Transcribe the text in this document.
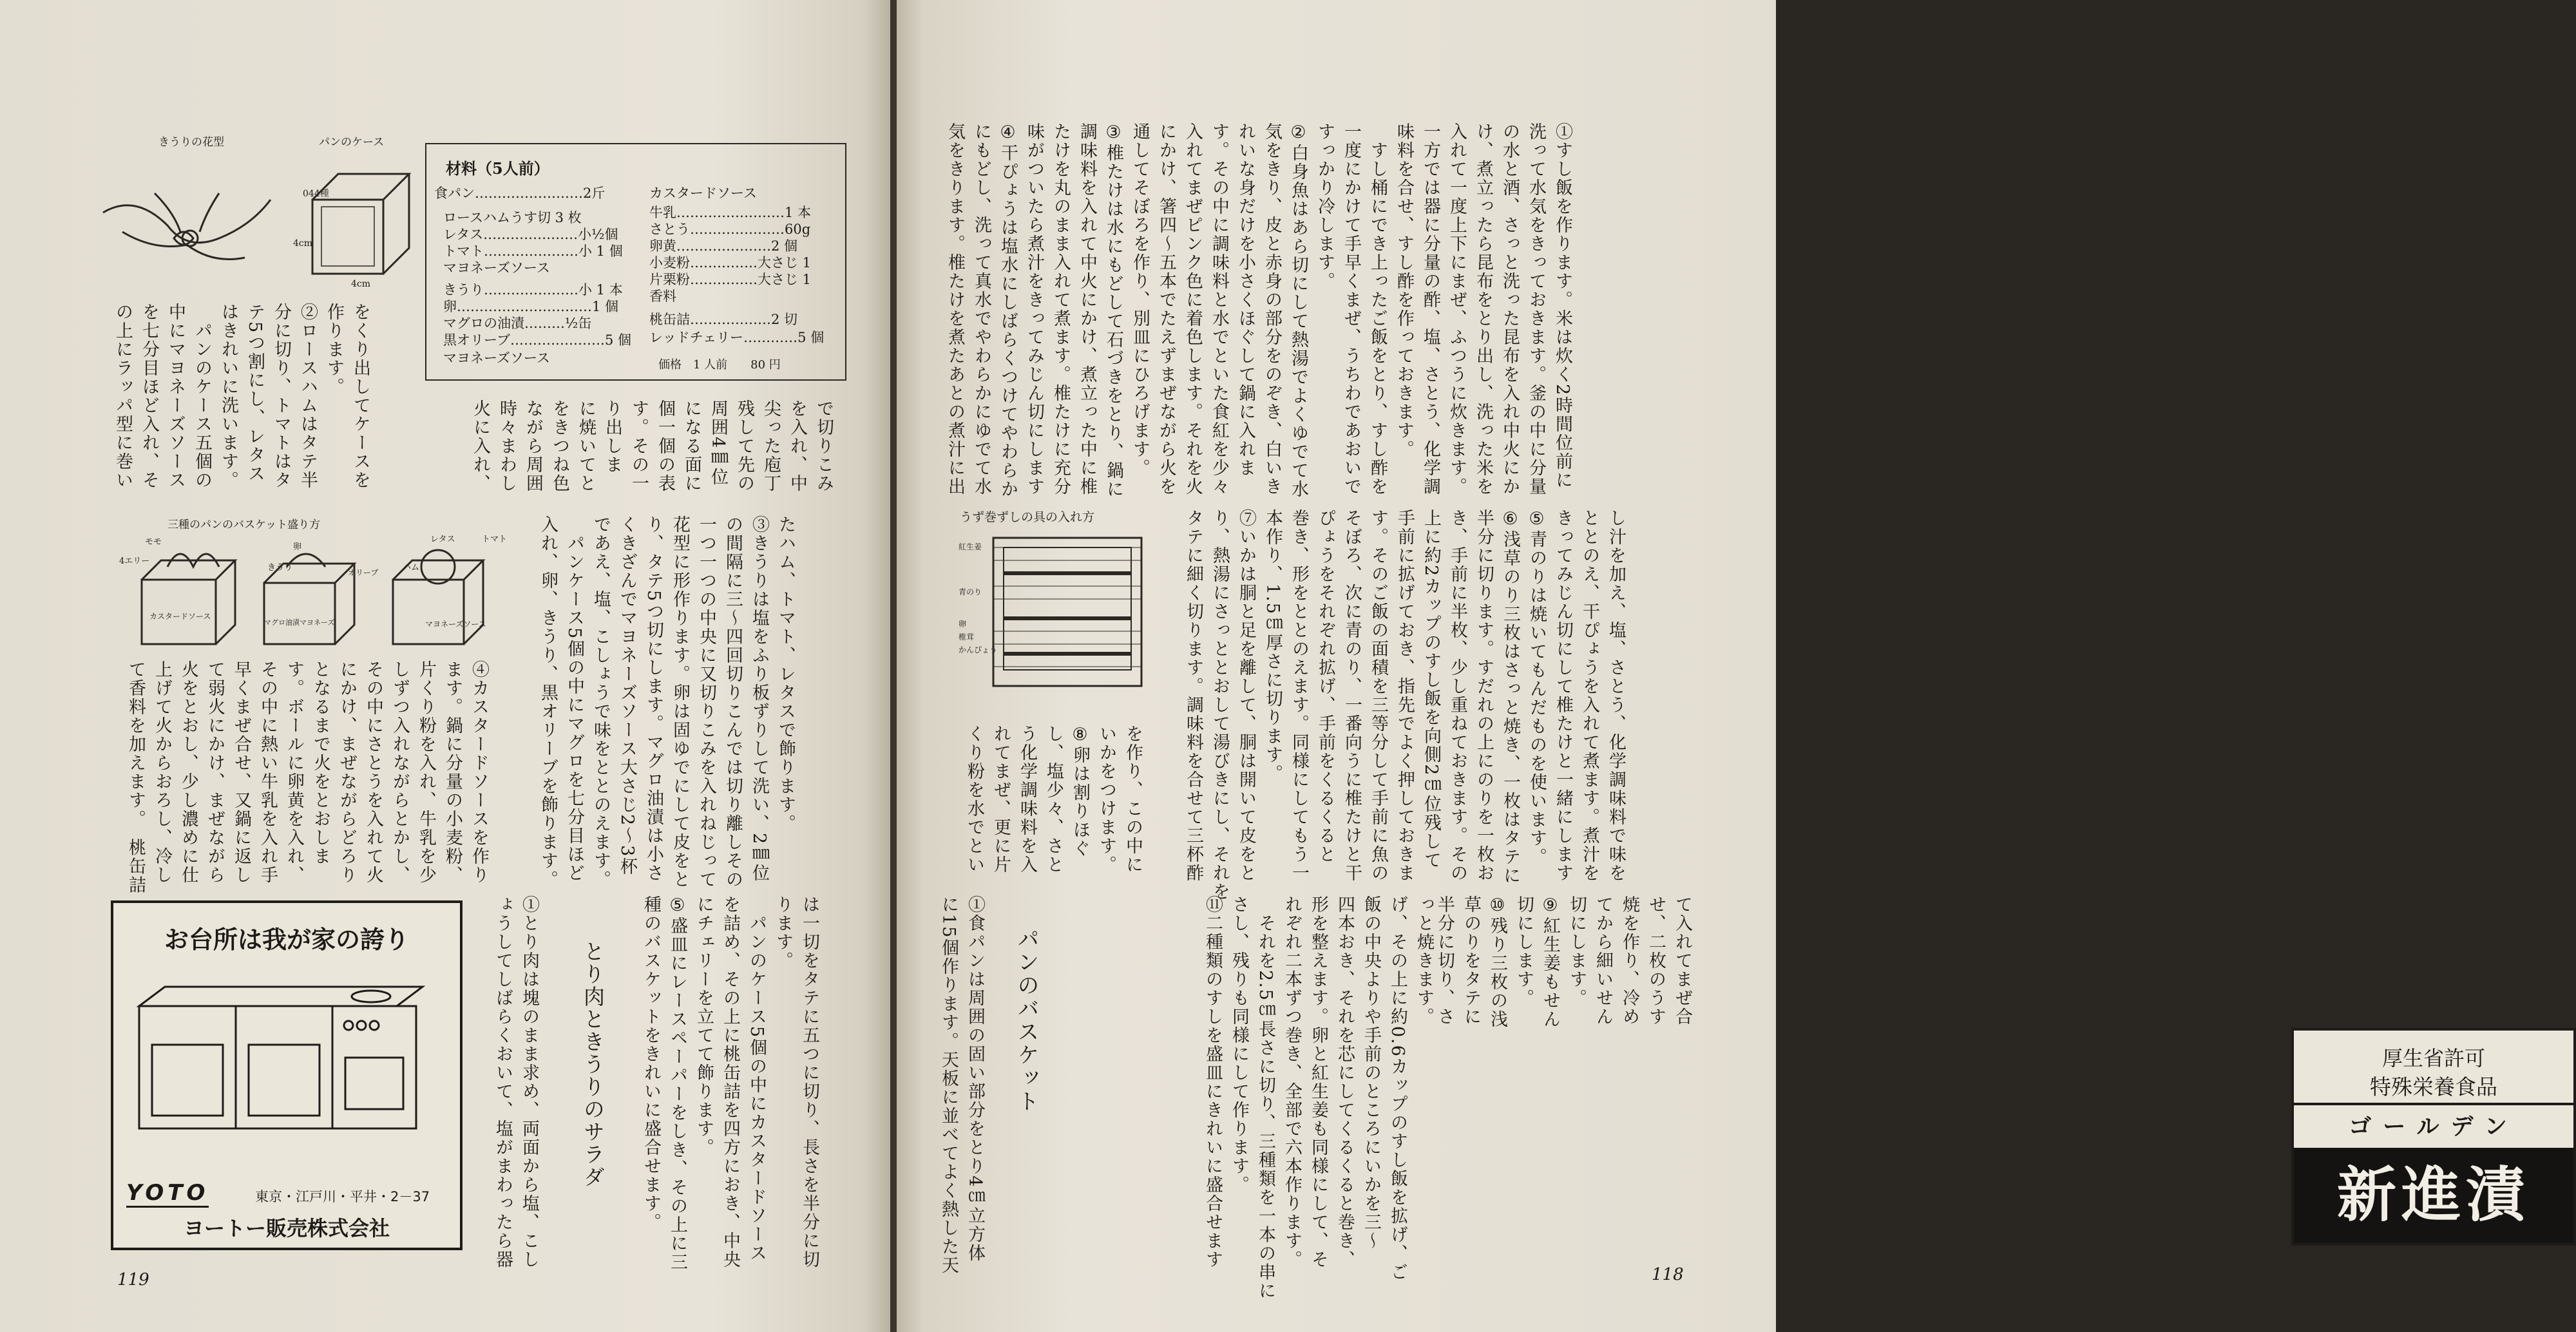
きうりの花型	パンのケース
044種
4cm
4cm
材料（5人前）
食パン……………………2斤
ロースハムうす切 3 枚
レタス…………………小½個
トマト…………………小 1 個
マヨネーズソース
きうり…………………小 1 本
卵…………………………1 個
マグロの油漬………½缶
黒オリーブ…………………5 個
マヨネーズソース
カスタードソース
牛乳……………………1 本
さとう…………………60g
卵黄…………………2 個
小麦粉……………大さじ 1
片栗粉……………大さじ 1
香料
桃缶詰………………2 切
レッドチェリー…………5 個
価格　1 人前　　80 円
をくり出してケースを
作ります。
②ロースハムはタテ半
分に切り、トマトはタ
テ5つ割にし、レタス
はきれいに洗います。
　パンのケース五個の
中にマヨネーズソース
を七分目ほど入れ、そ
の上にラッパ型に巻い	で切りこみ
を入れ、中
尖った庖丁
残して先の
周囲4㎜位
になる面に
個一個の表
す。その一
り出しま
に焼いてと
をきつね色
ながら周囲
時々まわし
火に入れ、
三種のパンのバスケット盛り方
4エリー
モモ
カスタードソース
卵
きうり
マグロ油漬マヨネーズ
オリーブ	ハム
レタス	トマト
マヨネーズソース	たハム、トマト、レタスで飾ります。
③きうりは塩をふり板ずりして洗い、2㎜位
の間隔に三〜四回切りこんでは切り離しその
一つ一つの中央に又切りこみを入れねじって
花型に形作ります。卵は固ゆでにして皮をと
り、タテ5つ切にします。マグロ油漬は小さ
くきざんでマヨネーズソース大さじ2〜3杯
であえ、塩、こしょうで味をととのえます。
　パンケース5個の中にマグロを七分目ほど
入れ、卵、きうり、黒オリーブを飾ります。
④カスタードソースを作り
ます。鍋に分量の小麦粉、
片くり粉を入れ、牛乳を少
しずつ入れながらとかし、
その中にさとうを入れて火
にかけ、まぜながらどろり
となるまで火をとおしま
す。ボールに卵黄を入れ、
その中に熱い牛乳を入れ手
早くまぜ合せ、又鍋に返し
て弱火にかけ、まぜながら
火をとおし、少し濃めに仕
上げて火からおろし、冷し
て香料を加えます。　桃缶詰
は一切をタテに五つに切り、長さを半分に切
ります。
　パンのケース5個の中にカスタードソース
を詰め、その上に桃缶詰を四方におき、中央
にチェリーを立てて飾ります。
⑤盛皿にレースペーパーをしき、その上に三
種のバスケットをきれいに盛合せます。
とり肉ときうりのサラダ
①とり肉は塊のまま求め、両面から塩、こし
ょうしてしばらくおいて、塩がまわったら器
お台所は我が家の誇り
YOTO	東京・江戸川・平井・2－37
ヨートー販売株式会社
119
①すし飯を作ります。米は炊く2時間位前に
洗って水気をきっておきます。釜の中に分量
の水と酒、さっと洗った昆布を入れ中火にか
け、煮立ったら昆布をとり出し、洗った米を
入れて一度上下にまぜ、ふつうに炊きます。
一方では器に分量の酢、塩、さとう、化学調
味料を合せ、すし酢を作っておきます。
　すし桶にでき上ったご飯をとり、すし酢を
一度にかけて手早くまぜ、うちわであおいで
すっかり冷します。
②白身魚はあら切にして熱湯でよくゆでて水
気をきり、皮と赤身の部分をのぞき、白いき
れいな身だけを小さくほぐして鍋に入れま
す。その中に調味料と水でといた食紅を少々
入れてまぜピンク色に着色します。それを火
にかけ、箸四〜五本でたえずまぜながら火を
通してそぼろを作り、別皿にひろげます。
③椎たけは水にもどして石づきをとり、鍋に
調味料を入れて中火にかけ、煮立った中に椎
たけを丸のまま入れて煮ます。椎たけに充分
味がついたら煮汁をきってみじん切にします
④干ぴょうは塩水にしばらくつけてやわらか
にもどし、洗って真水でやわらかにゆでて水
気をきります。椎たけを煮たあとの煮汁に出
うず巻ずしの具の入れ方
紅生姜
青のり
卵
椎茸
かんぴょう	し汁を加え、塩、さとう、化学調味料で味を
ととのえ、干ぴょうを入れて煮ます。煮汁を
きってみじん切にして椎たけと一緒にします
⑤青のりは焼いてもんだものを使います。
⑥浅草のり三枚はさっと焼き、一枚はタテに
半分に切ります。すだれの上にのりを一枚お
き、手前に半枚、少し重ねておきます。その
上に約2カップのすし飯を向側2㎝位残して
手前に拡げておき、指先でよく押しておきま
す。そのご飯の面積を三等分して手前に魚の
そぼろ、次に青のり、一番向うに椎たけと干
ぴょうをそれぞれ拡げ、手前をくるくると
巻き、形をととのえます。同様にしてもう一
本作り、1.5㎝厚さに切ります。
⑦いかは胴と足を離して、胴は開いて皮をと
り、熱湯にさっととおして湯びきにし、それを
タテに細く切ります。調味料を合せて三杯酢
を作り、この中に
いかをつけます。
⑧卵は割りほぐ
し、塩少々、さと
う化学調味料を入
れてまぜ、更に片
くり粉を水でとい
て入れてまぜ合
せ、二枚のうす
焼を作り、冷め
てから細いせん
切にします。
⑨紅生姜もせん
切にします。
⑩残り三枚の浅
草のりをタテに
半分に切り、さ
っと焼きます。
げ、その上に約0.6カップのすし飯を拡げ、ご
飯の中央よりや手前のところにいかを三〜
四本おき、それを芯にしてくるくると巻き、
形を整えます。卵と紅生姜も同様にして、そ
れぞれ二本ずつ巻き、全部で六本作ります。
　それを2.5㎝長さに切り、三種類を一本の串に
さし、残りも同様にして作ります。
⑪二種類のすしを盛皿にきれいに盛合せます
パンのバスケット
①食パンは周囲の固い部分をとり4㎝立方体
に15個作ります。天板に並べてよく熱した天	厚生省許可
特殊栄養食品
ゴールデン
新進漬
118
